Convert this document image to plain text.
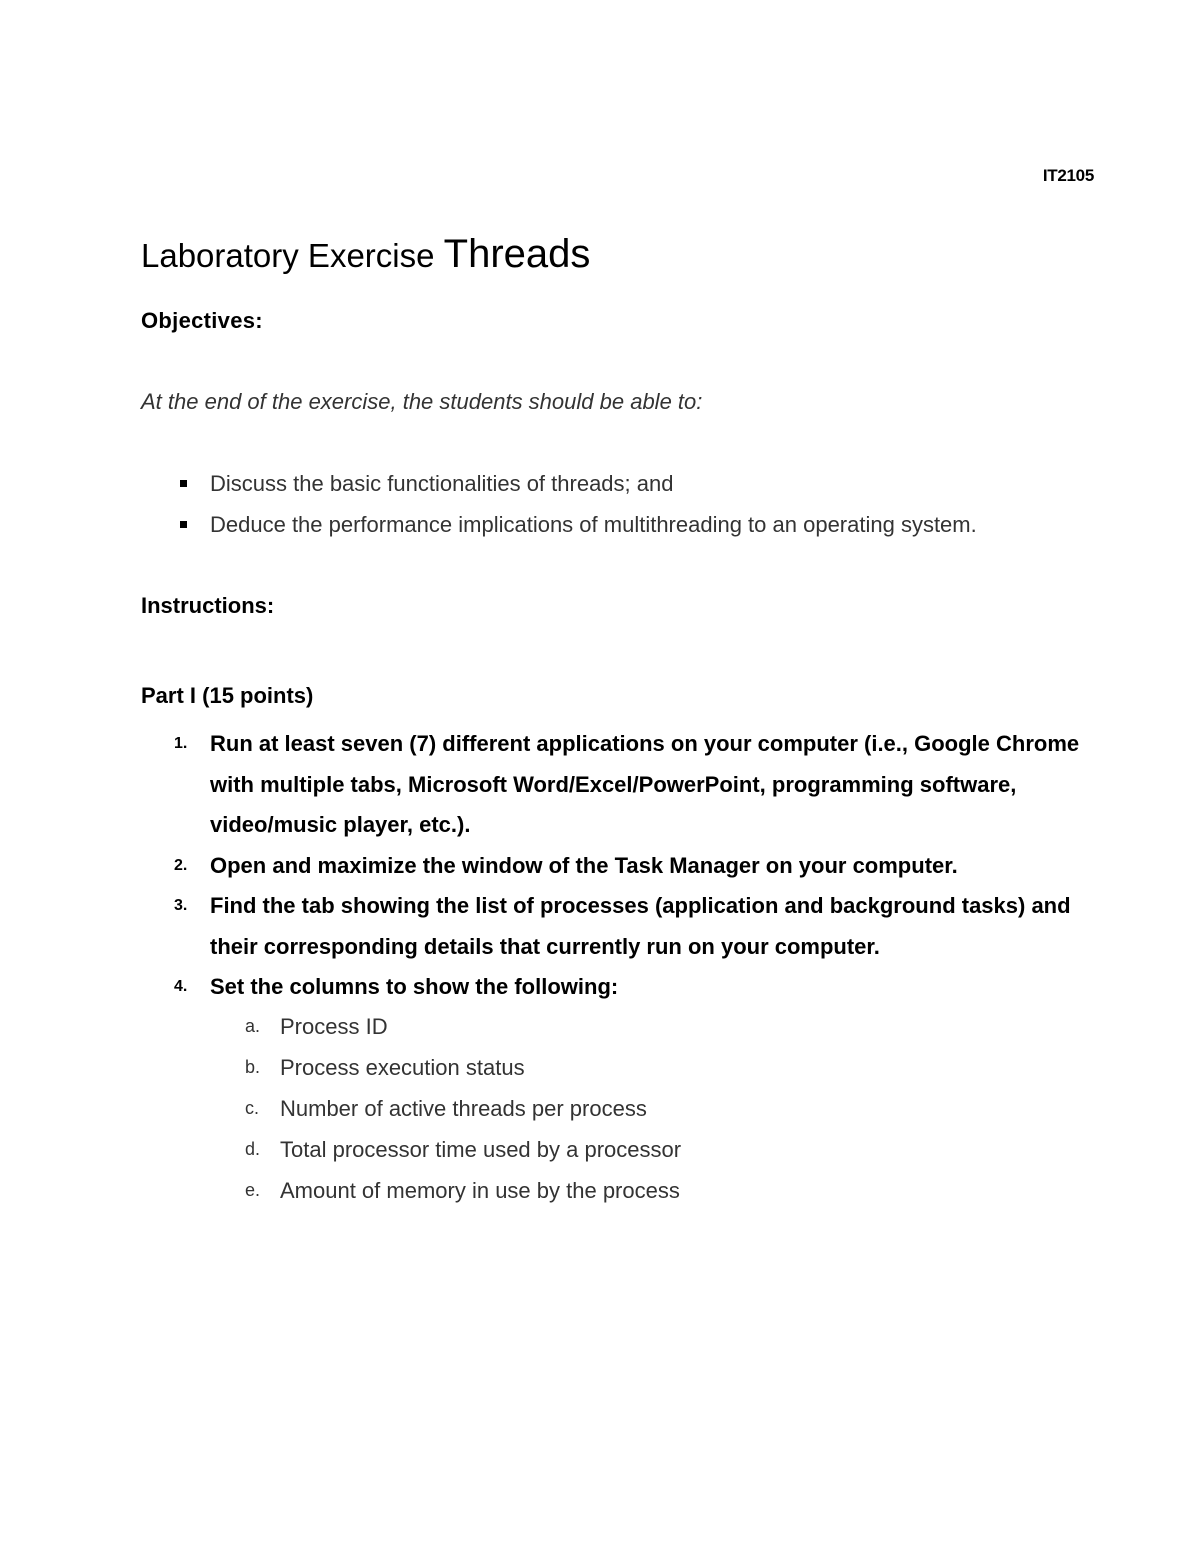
IT2105
Laboratory Exercise Threads
Objectives:
At the end of the exercise, the students should be able to:
Discuss the basic functionalities of threads; and
Deduce the performance implications of multithreading to an operating system.
Instructions:
Part I (15 points)
1. Run at least seven (7) different applications on your computer (i.e., Google Chrome with multiple tabs, Microsoft Word/Excel/PowerPoint, programming software, video/music player, etc.).
2. Open and maximize the window of the Task Manager on your computer.
3. Find the tab showing the list of processes (application and background tasks) and their corresponding details that currently run on your computer.
4. Set the columns to show the following:
a. Process ID
b. Process execution status
c. Number of active threads per process
d. Total processor time used by a processor
e. Amount of memory in use by the process
